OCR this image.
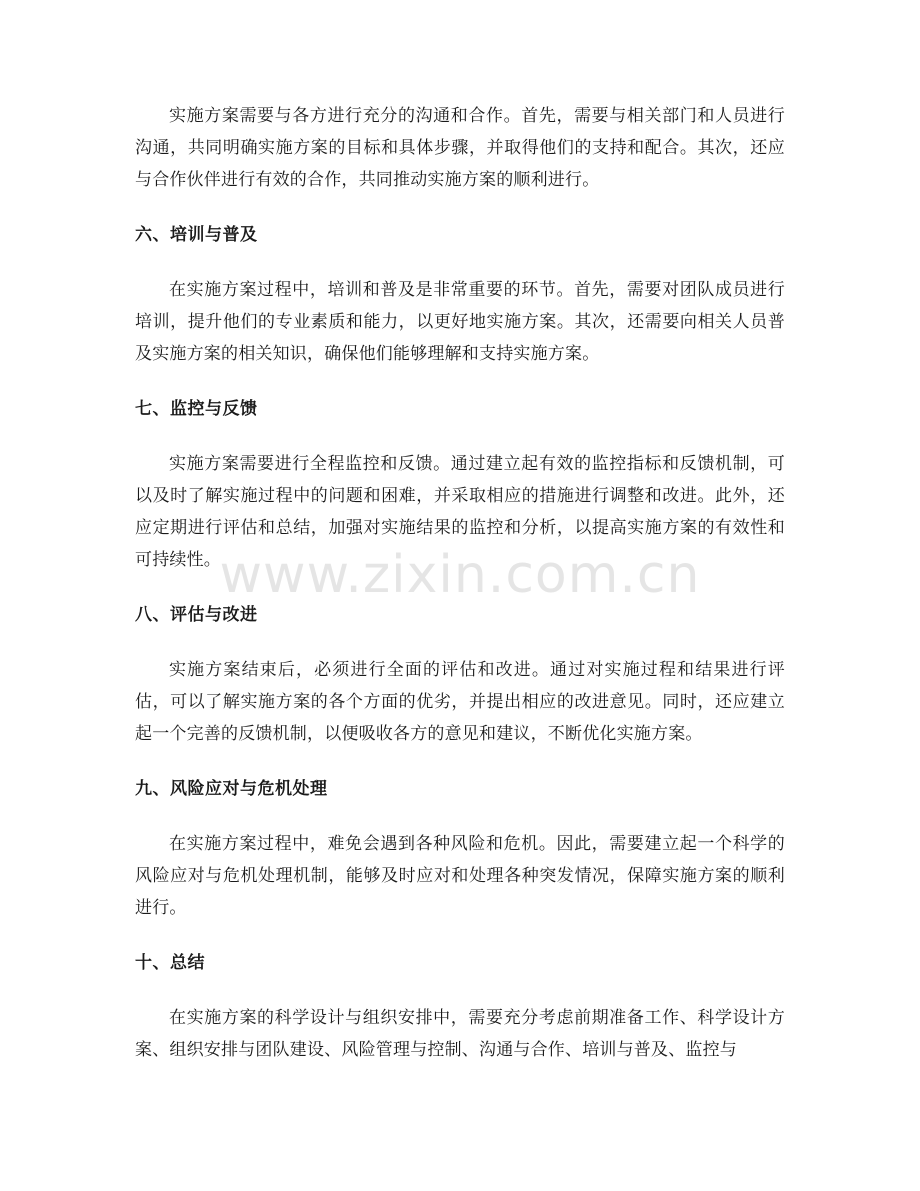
实施方案需要与各方进行充分的沟通和合作。首先，需要与相关部门和人员进行沟通，共同明确实施方案的目标和具体步骤，并取得他们的支持和配合。其次，还应与合作伙伴进行有效的合作，共同推动实施方案的顺利进行。

六、培训与普及

在实施方案过程中，培训和普及是非常重要的环节。首先，需要对团队成员进行培训，提升他们的专业素质和能力，以更好地实施方案。其次，还需要向相关人员普及实施方案的相关知识，确保他们能够理解和支持实施方案。

七、监控与反馈

实施方案需要进行全程监控和反馈。通过建立起有效的监控指标和反馈机制，可以及时了解实施过程中的问题和困难，并采取相应的措施进行调整和改进。此外，还应定期进行评估和总结，加强对实施结果的监控和分析，以提高实施方案的有效性和可持续性。

八、评估与改进

实施方案结束后，必须进行全面的评估和改进。通过对实施过程和结果进行评估，可以了解实施方案的各个方面的优劣，并提出相应的改进意见。同时，还应建立起一个完善的反馈机制，以便吸收各方的意见和建议，不断优化实施方案。

九、风险应对与危机处理

在实施方案过程中，难免会遇到各种风险和危机。因此，需要建立起一个科学的风险应对与危机处理机制，能够及时应对和处理各种突发情况，保障实施方案的顺利进行。

十、总结

在实施方案的科学设计与组织安排中，需要充分考虑前期准备工作、科学设计方案、组织安排与团队建设、风险管理与控制、沟通与合作、培训与普及、监控与

www.zixin.com.cn
